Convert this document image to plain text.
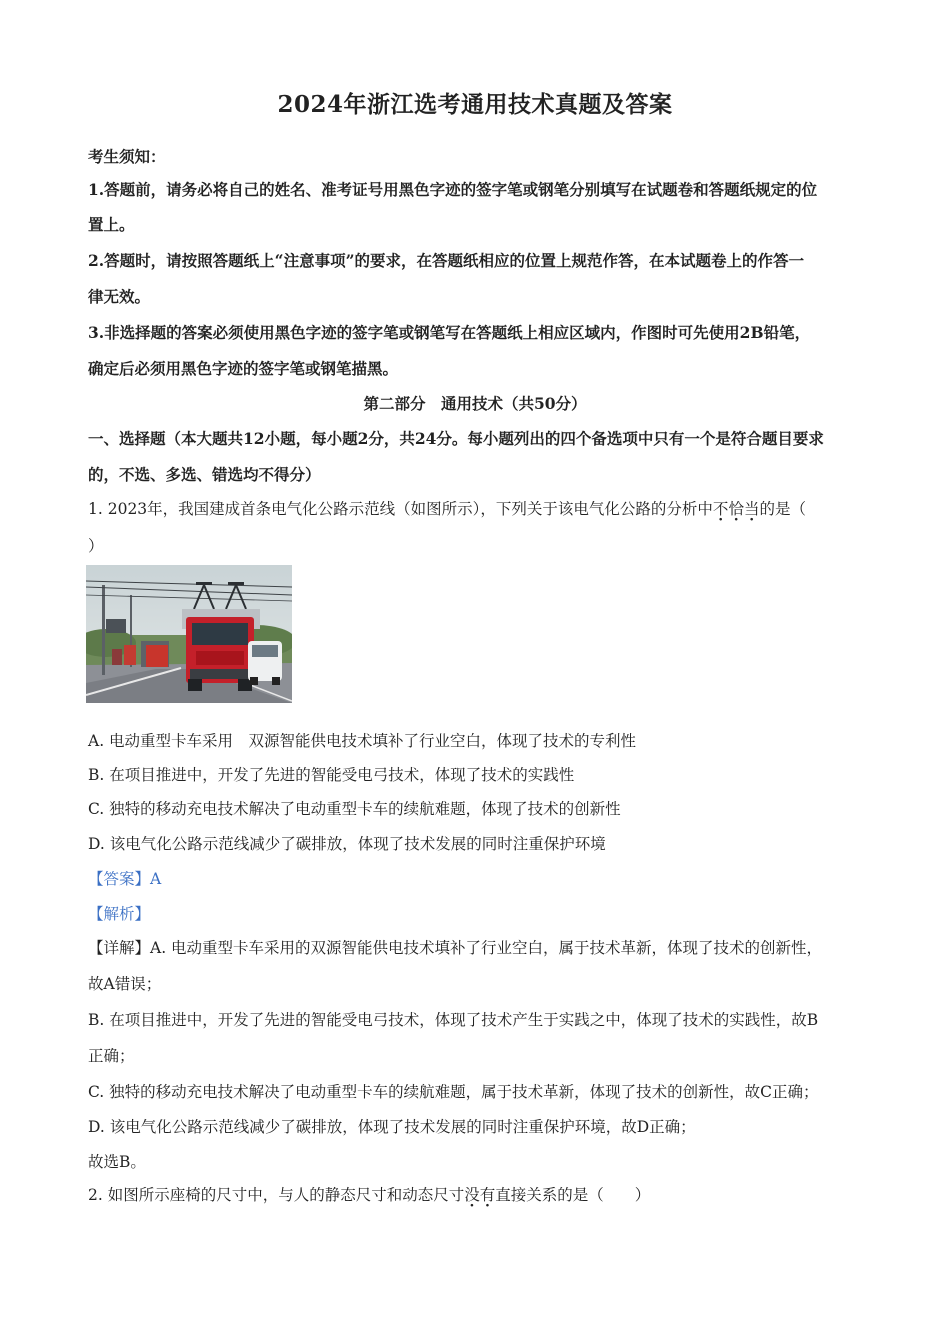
2024年浙江选考通用技术真题及答案
考生须知：
1.答题前，请务必将自己的姓名、准考证号用黑色字迹的签字笔或钢笔分别填写在试题卷和答题纸规定的位
置上。
2.答题时，请按照答题纸上“注意事项”的要求，在答题纸相应的位置上规范作答，在本试题卷上的作答一
律无效。
3.非选择题的答案必须使用黑色字迹的签字笔或钢笔写在答题纸上相应区域内，作图时可先使用2B铅笔，
确定后必须用黑色字迹的签字笔或钢笔描黑。
第二部分　通用技术（共50分）
一、选择题（本大题共12小题，每小题2分，共24分。每小题列出的四个备选项中只有一个是符合题目要求
的，不选、多选、错选均不得分）
1. 2023年，我国建成首条电气化公路示范线（如图所示），下列关于该电气化公路的分析中不恰当的是（
）
A. 电动重型卡车采用　双源智能供电技术填补了行业空白，体现了技术的专利性
B. 在项目推进中，开发了先进的智能受电弓技术，体现了技术的实践性
C. 独特的移动充电技术解决了电动重型卡车的续航难题，体现了技术的创新性
D. 该电气化公路示范线减少了碳排放，体现了技术发展的同时注重保护环境
【答案】A
【解析】
【详解】A. 电动重型卡车采用的双源智能供电技术填补了行业空白，属于技术革新，体现了技术的创新性，
故A错误；
B. 在项目推进中，开发了先进的智能受电弓技术，体现了技术产生于实践之中，体现了技术的实践性，故B
正确；
C. 独特的移动充电技术解决了电动重型卡车的续航难题，属于技术革新，体现了技术的创新性，故C正确；
D. 该电气化公路示范线减少了碳排放，体现了技术发展的同时注重保护环境，故D正确；
故选B。
2. 如图所示座椅的尺寸中，与人的静态尺寸和动态尺寸没有直接关系的是（　　）
